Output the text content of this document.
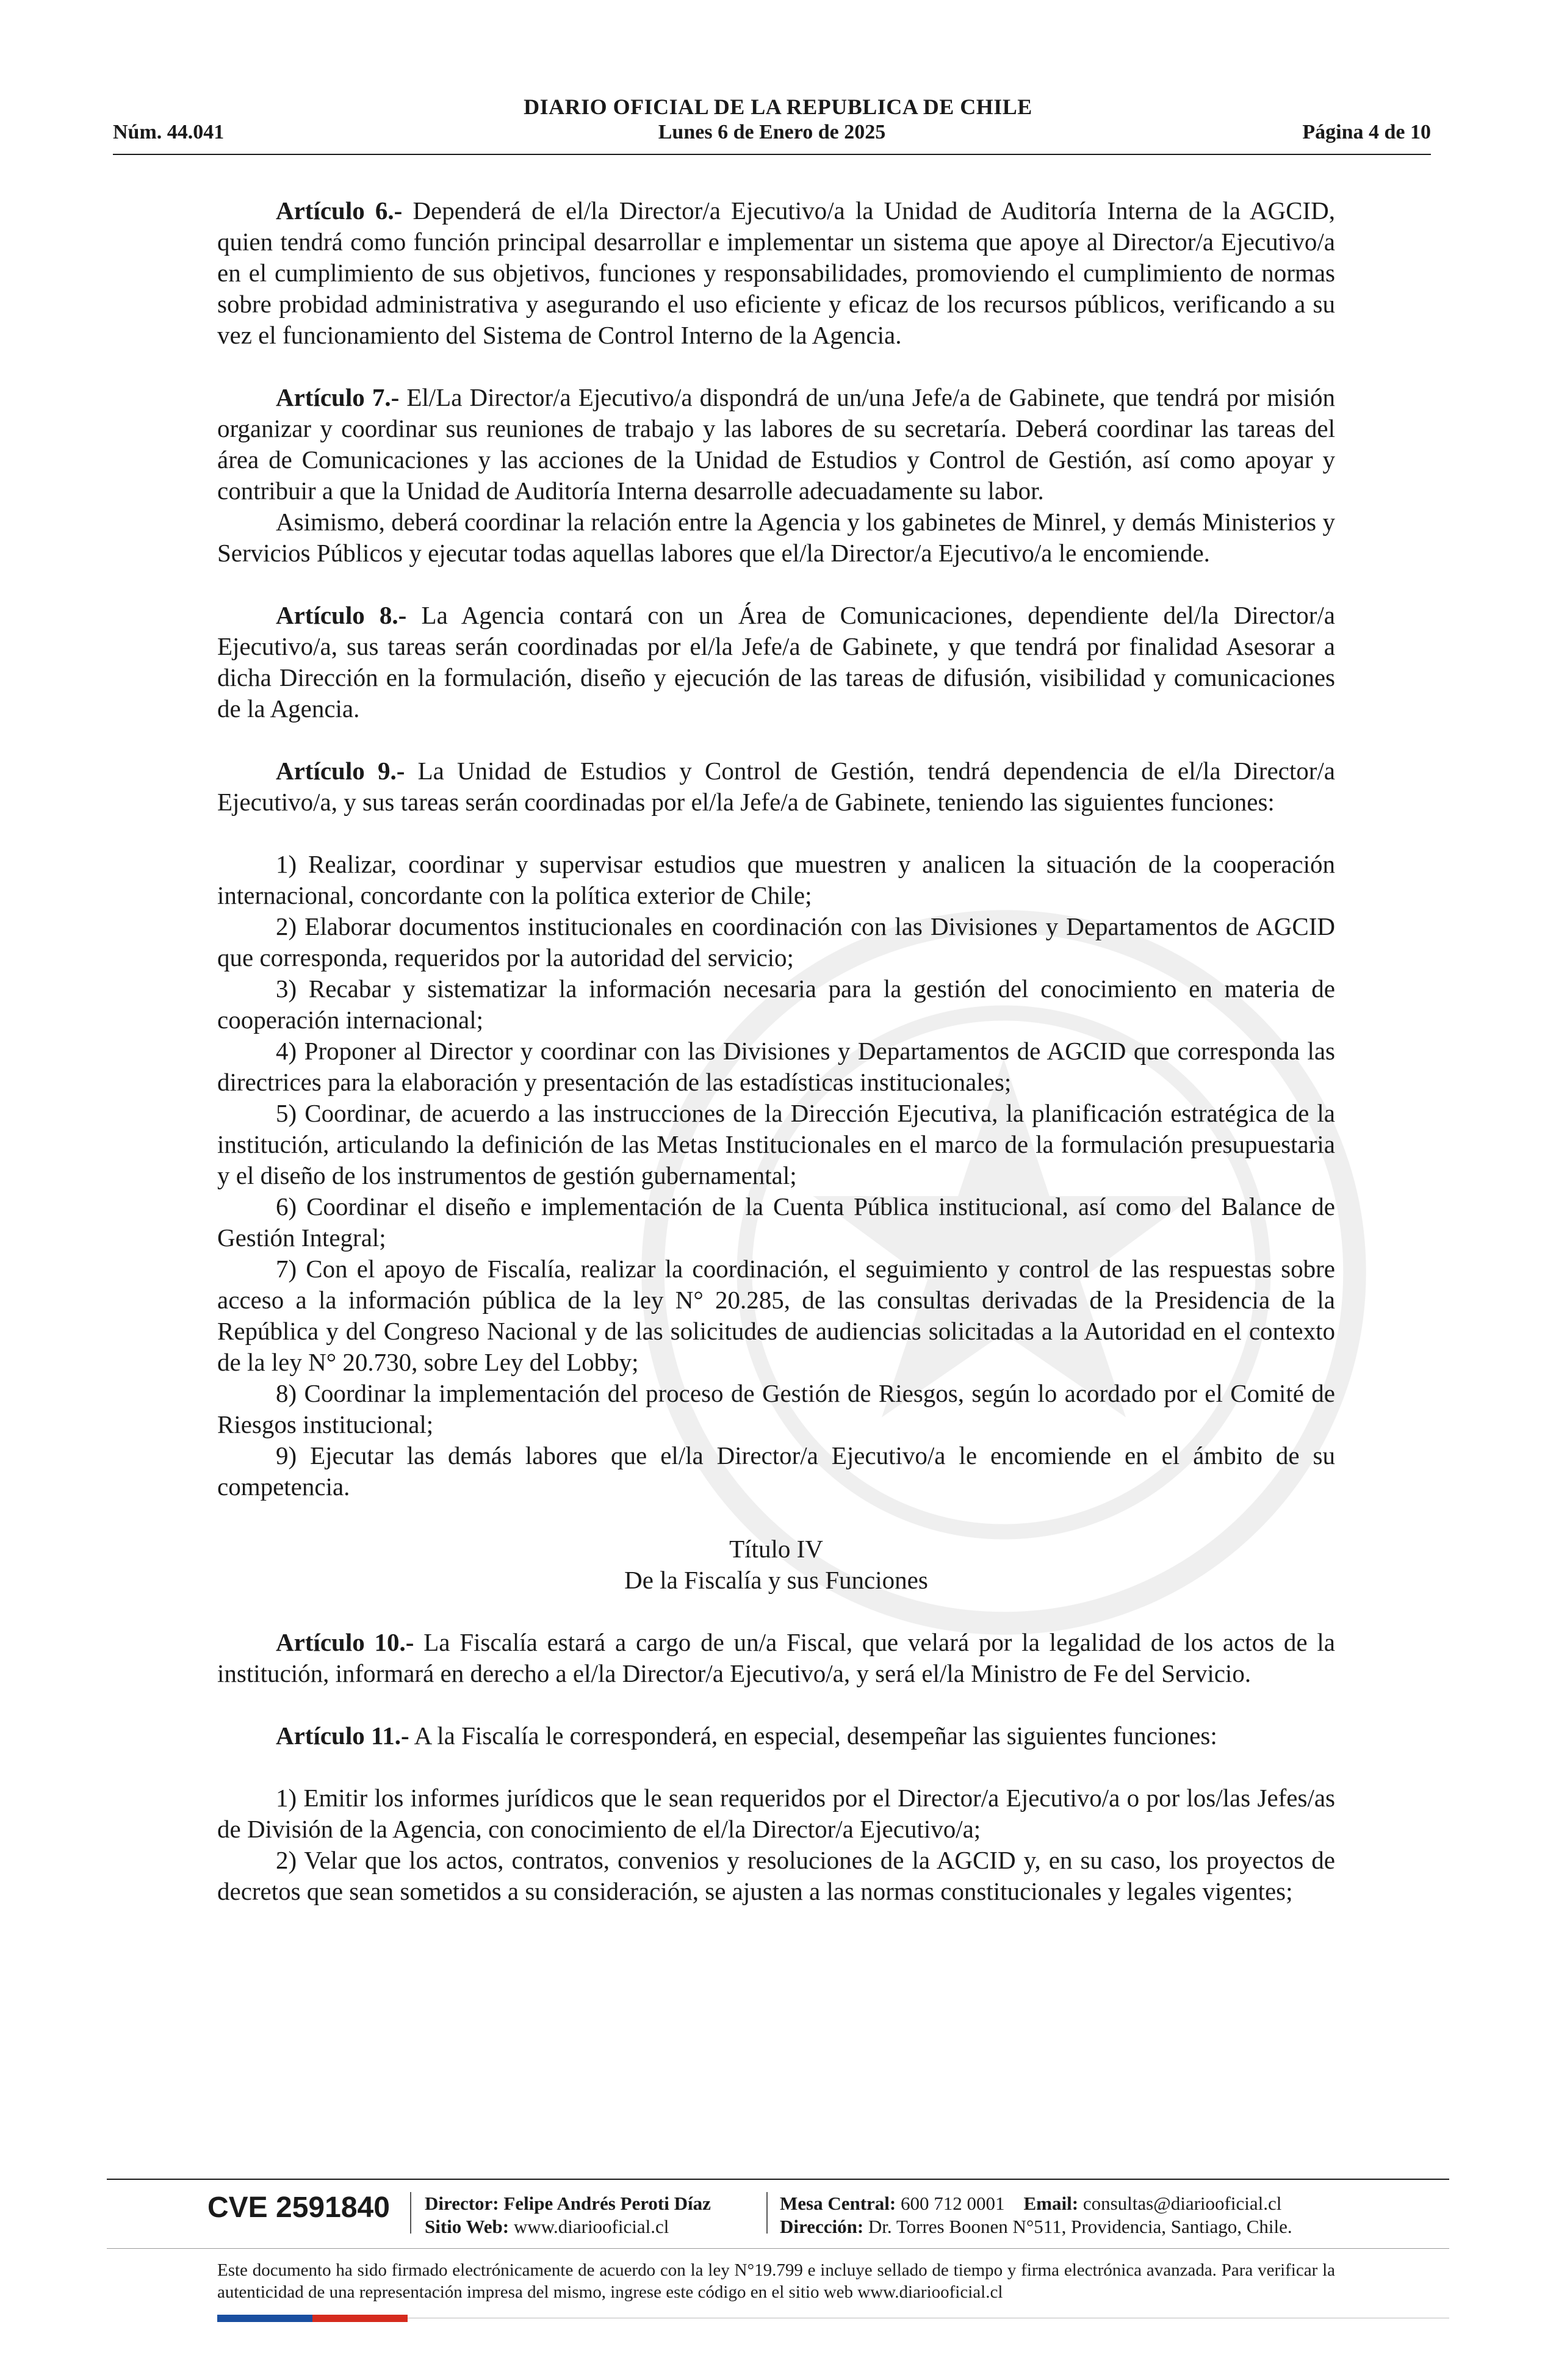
DIARIO OFICIAL DE LA REPUBLICA DE CHILE
Núm. 44.041	Lunes 6 de Enero de 2025	Página 4 de 10

Artículo 6.- Dependerá de el/la Director/a Ejecutivo/a la Unidad de Auditoría Interna de la AGCID, quien tendrá como función principal desarrollar e implementar un sistema que apoye al Director/a Ejecutivo/a en el cumplimiento de sus objetivos, funciones y responsabilidades, promoviendo el cumplimiento de normas sobre probidad administrativa y asegurando el uso eficiente y eficaz de los recursos públicos, verificando a su vez el funcionamiento del Sistema de Control Interno de la Agencia.

Artículo 7.- El/La Director/a Ejecutivo/a dispondrá de un/una Jefe/a de Gabinete, que tendrá por misión organizar y coordinar sus reuniones de trabajo y las labores de su secretaría. Deberá coordinar las tareas del área de Comunicaciones y las acciones de la Unidad de Estudios y Control de Gestión, así como apoyar y contribuir a que la Unidad de Auditoría Interna desarrolle adecuadamente su labor.

Asimismo, deberá coordinar la relación entre la Agencia y los gabinetes de Minrel, y demás Ministerios y Servicios Públicos y ejecutar todas aquellas labores que el/la Director/a Ejecutivo/a le encomiende.

Artículo 8.- La Agencia contará con un Área de Comunicaciones, dependiente del/la Director/a Ejecutivo/a, sus tareas serán coordinadas por el/la Jefe/a de Gabinete, y que tendrá por finalidad Asesorar a dicha Dirección en la formulación, diseño y ejecución de las tareas de difusión, visibilidad y comunicaciones de la Agencia.

Artículo 9.- La Unidad de Estudios y Control de Gestión, tendrá dependencia de el/la Director/a Ejecutivo/a, y sus tareas serán coordinadas por el/la Jefe/a de Gabinete, teniendo las siguientes funciones:

1) Realizar, coordinar y supervisar estudios que muestren y analicen la situación de la cooperación internacional, concordante con la política exterior de Chile;

2) Elaborar documentos institucionales en coordinación con las Divisiones y Departamentos de AGCID que corresponda, requeridos por la autoridad del servicio;

3) Recabar y sistematizar la información necesaria para la gestión del conocimiento en materia de cooperación internacional;

4) Proponer al Director y coordinar con las Divisiones y Departamentos de AGCID que corresponda las directrices para la elaboración y presentación de las estadísticas institucionales;

5) Coordinar, de acuerdo a las instrucciones de la Dirección Ejecutiva, la planificación estratégica de la institución, articulando la definición de las Metas Institucionales en el marco de la formulación presupuestaria y el diseño de los instrumentos de gestión gubernamental;

6) Coordinar el diseño e implementación de la Cuenta Pública institucional, así como del Balance de Gestión Integral;

7) Con el apoyo de Fiscalía, realizar la coordinación, el seguimiento y control de las respuestas sobre acceso a la información pública de la ley N° 20.285, de las consultas derivadas de la Presidencia de la República y del Congreso Nacional y de las solicitudes de audiencias solicitadas a la Autoridad en el contexto de la ley N° 20.730, sobre Ley del Lobby;

8) Coordinar la implementación del proceso de Gestión de Riesgos, según lo acordado por el Comité de Riesgos institucional;

9) Ejecutar las demás labores que el/la Director/a Ejecutivo/a le encomiende en el ámbito de su competencia.

Título IV

De la Fiscalía y sus Funciones

Artículo 10.- La Fiscalía estará a cargo de un/a Fiscal, que velará por la legalidad de los actos de la institución, informará en derecho a el/la Director/a Ejecutivo/a, y será el/la Ministro de Fe del Servicio.

Artículo 11.- A la Fiscalía le corresponderá, en especial, desempeñar las siguientes funciones:

1) Emitir los informes jurídicos que le sean requeridos por el Director/a Ejecutivo/a o por los/las Jefes/as de División de la Agencia, con conocimiento de el/la Director/a Ejecutivo/a;

2) Velar que los actos, contratos, convenios y resoluciones de la AGCID y, en su caso, los proyectos de decretos que sean sometidos a su consideración, se ajusten a las normas constitucionales y legales vigentes;

CVE 2591840 Director: Felipe Andrés Peroti Díaz
Sitio Web: www.diariooficial.cl
Mesa Central: 600 712 0001 Email: consultas@diariooficial.cl
Dirección: Dr. Torres Boonen N°511, Providencia, Santiago, Chile.
Este documento ha sido firmado electrónicamente de acuerdo con la ley N°19.799 e incluye sellado de tiempo y firma electrónica avanzada. Para verificar la autenticidad de una representación impresa del mismo, ingrese este código en el sitio web www.diariooficial.cl
